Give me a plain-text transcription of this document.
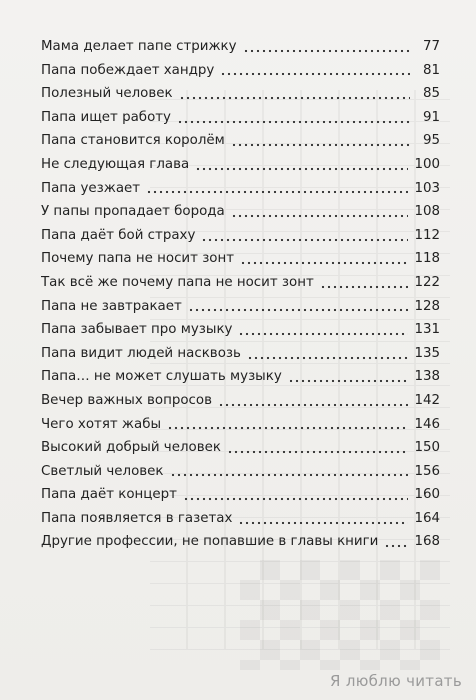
Мама делает папе стрижку	77
Папа побеждает хандру	81
Полезный человек	85
Папа ищет работу	91
Папа становится королём	95
Не следующая глава	100
Папа уезжает	103
У папы пропадает борода	108
Папа даёт бой страху	112
Почему папа не носит зонт	118
Так всё же почему папа не носит зонт	122
Папа не завтракает	128
Папа забывает про музыку	131
Папа видит людей насквозь	135
Папа… не может слушать музыку	138
Вечер важных вопросов	142
Чего хотят жабы	146
Высокий добрый человек	150
Светлый человек	156
Папа даёт концерт	160
Папа появляется в газетах	164
Другие профессии, не попавшие в главы книги	168
Я люблю читать
